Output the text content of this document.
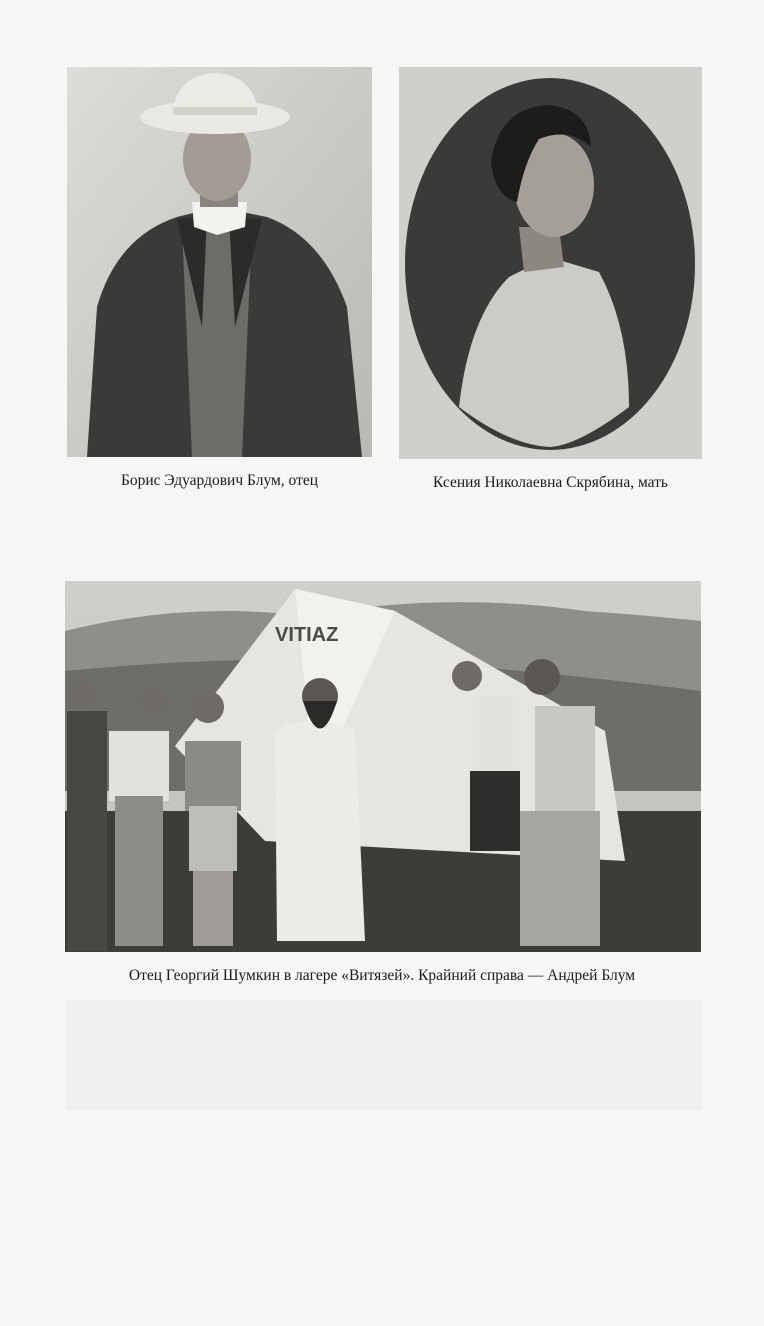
Борис Эдуардович Блум, отец	Ксения Николаевна Скрябина, мать
VITIAZ
Отец Георгий Шумкин в лагере «Витязей». Крайний справа — Андрей Блум
